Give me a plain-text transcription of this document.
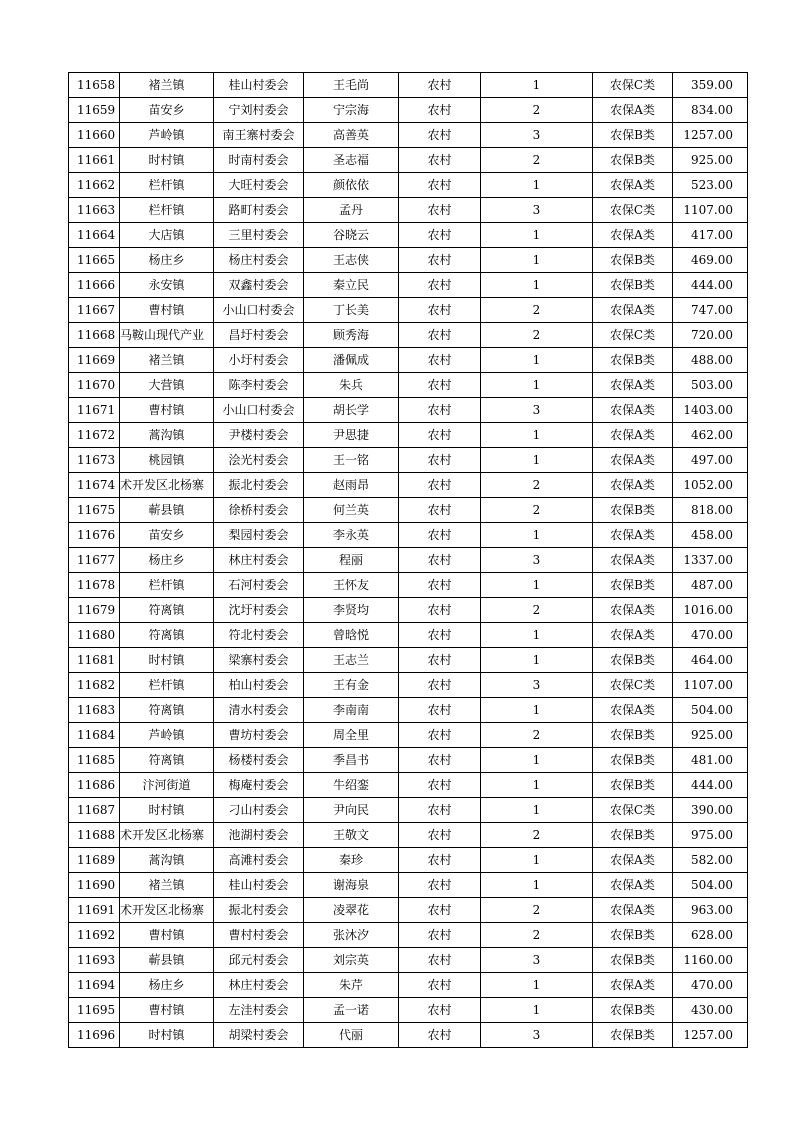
11658	褚兰镇	桂山村委会	王毛尚	农村	1	农保C类	359.00
11659	苗安乡	宁刘村委会	宁宗海	农村	2	农保A类	834.00
11660	芦岭镇	南王寨村委会	高善英	农村	3	农保B类	1257.00
11661	时村镇	时南村委会	圣志福	农村	2	农保B类	925.00
11662	栏杆镇	大旺村委会	颜依依	农村	1	农保A类	523.00
11663	栏杆镇	路町村委会	孟丹	农村	3	农保C类	1107.00
11664	大店镇	三里村委会	谷晓云	农村	1	农保A类	417.00
11665	杨庄乡	杨庄村委会	王志侠	农村	1	农保B类	469.00
11666	永安镇	双鑫村委会	秦立民	农村	1	农保B类	444.00
11667	曹村镇	小山口村委会	丁长美	农村	2	农保A类	747.00
11668	马鞍山现代产业	昌圩村委会	顾秀海	农村	2	农保C类	720.00
11669	褚兰镇	小圩村委会	潘佩成	农村	1	农保B类	488.00
11670	大营镇	陈李村委会	朱兵	农村	1	农保A类	503.00
11671	曹村镇	小山口村委会	胡长学	农村	3	农保A类	1403.00
11672	蒿沟镇	尹楼村委会	尹思捷	农村	1	农保A类	462.00
11673	桃园镇	浍光村委会	王一铭	农村	1	农保A类	497.00
11674	术开发区北杨寨	振北村委会	赵雨昂	农村	2	农保A类	1052.00
11675	蕲县镇	徐桥村委会	何兰英	农村	2	农保B类	818.00
11676	苗安乡	梨园村委会	李永英	农村	1	农保A类	458.00
11677	杨庄乡	林庄村委会	程丽	农村	3	农保A类	1337.00
11678	栏杆镇	石河村委会	王怀友	农村	1	农保B类	487.00
11679	符离镇	沈圩村委会	李贤均	农村	2	农保A类	1016.00
11680	符离镇	符北村委会	曾晗悦	农村	1	农保A类	470.00
11681	时村镇	梁寨村委会	王志兰	农村	1	农保B类	464.00
11682	栏杆镇	柏山村委会	王有金	农村	3	农保C类	1107.00
11683	符离镇	清水村委会	李南南	农村	1	农保A类	504.00
11684	芦岭镇	曹坊村委会	周全里	农村	2	农保B类	925.00
11685	符离镇	杨楼村委会	季昌书	农村	1	农保B类	481.00
11686	汴河街道	梅庵村委会	牛绍銮	农村	1	农保B类	444.00
11687	时村镇	刁山村委会	尹向民	农村	1	农保C类	390.00
11688	术开发区北杨寨	池湖村委会	王敬文	农村	2	农保B类	975.00
11689	蒿沟镇	高滩村委会	秦珍	农村	1	农保A类	582.00
11690	褚兰镇	桂山村委会	谢海泉	农村	1	农保A类	504.00
11691	术开发区北杨寨	振北村委会	凌翠花	农村	2	农保A类	963.00
11692	曹村镇	曹村村委会	张沐汐	农村	2	农保B类	628.00
11693	蕲县镇	邱元村委会	刘宗英	农村	3	农保B类	1160.00
11694	杨庄乡	林庄村委会	朱芹	农村	1	农保A类	470.00
11695	曹村镇	左洼村委会	孟一诺	农村	1	农保B类	430.00
11696	时村镇	胡梁村委会	代丽	农村	3	农保B类	1257.00
